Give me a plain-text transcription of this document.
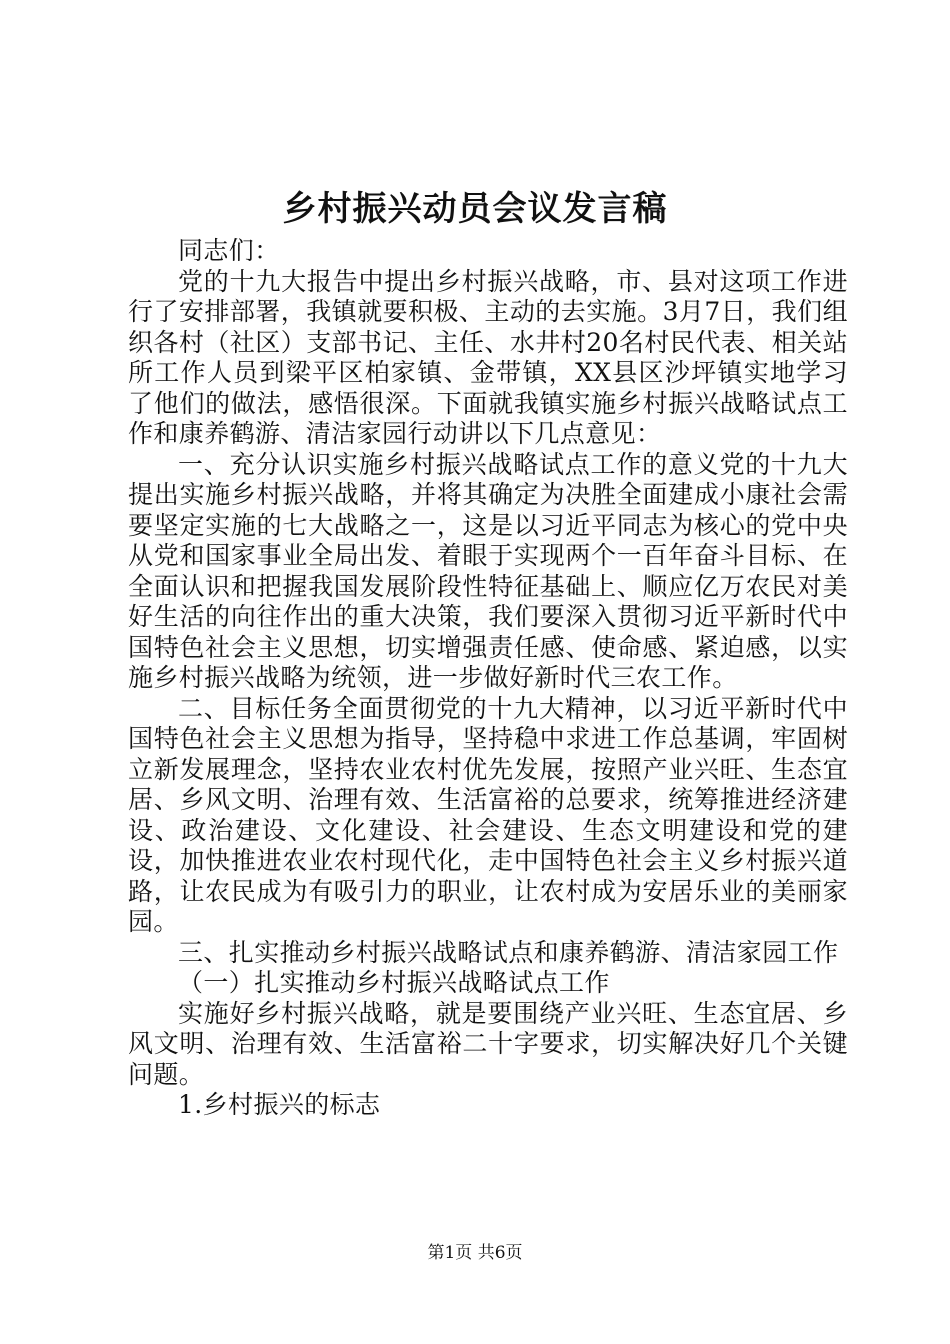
乡村振兴动员会议发言稿

同志们：

党的十九大报告中提出乡村振兴战略，市、县对这项工作进行了安排部署，我镇就要积极、主动的去实施。3月7日，我们组织各村（社区）支部书记、主任、水井村20名村民代表、相关站所工作人员到梁平区柏家镇、金带镇，XX县区沙坪镇实地学习了他们的做法，感悟很深。下面就我镇实施乡村振兴战略试点工作和康养鹤游、清洁家园行动讲以下几点意见：

一、充分认识实施乡村振兴战略试点工作的意义党的十九大提出实施乡村振兴战略，并将其确定为决胜全面建成小康社会需要坚定实施的七大战略之一，这是以习近平同志为核心的党中央从党和国家事业全局出发、着眼于实现两个一百年奋斗目标、在全面认识和把握我国发展阶段性特征基础上、顺应亿万农民对美好生活的向往作出的重大决策，我们要深入贯彻习近平新时代中国特色社会主义思想，切实增强责任感、使命感、紧迫感，以实施乡村振兴战略为统领，进一步做好新时代三农工作。

二、目标任务全面贯彻党的十九大精神，以习近平新时代中国特色社会主义思想为指导，坚持稳中求进工作总基调，牢固树立新发展理念，坚持农业农村优先发展，按照产业兴旺、生态宜居、乡风文明、治理有效、生活富裕的总要求，统筹推进经济建设、政治建设、文化建设、社会建设、生态文明建设和党的建设，加快推进农业农村现代化，走中国特色社会主义乡村振兴道路，让农民成为有吸引力的职业，让农村成为安居乐业的美丽家园。

三、扎实推动乡村振兴战略试点和康养鹤游、清洁家园工作

（一）扎实推动乡村振兴战略试点工作

实施好乡村振兴战略，就是要围绕产业兴旺、生态宜居、乡风文明、治理有效、生活富裕二十字要求，切实解决好几个关键问题。

1.乡村振兴的标志

第1页 共6页
